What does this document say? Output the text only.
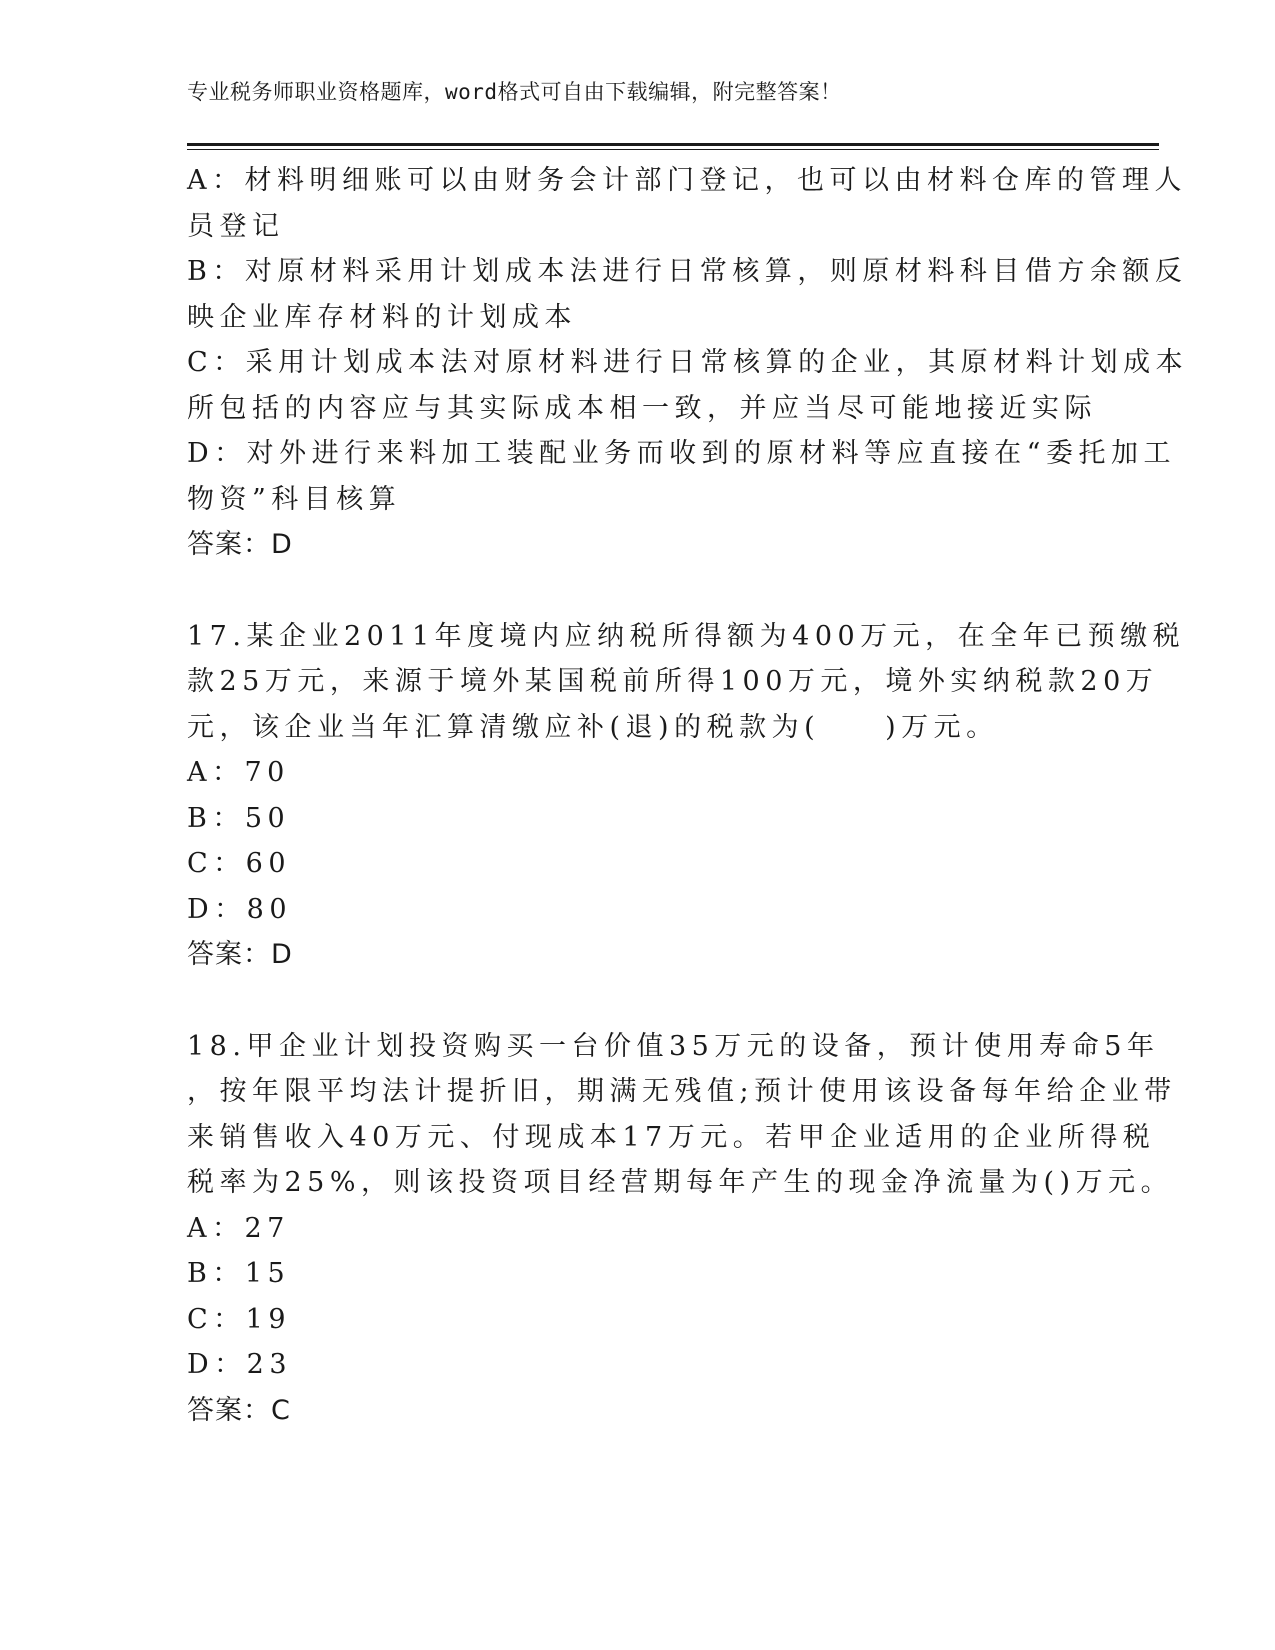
专业税务师职业资格题库，word格式可自由下载编辑，附完整答案！

A：材料明细账可以由财务会计部门登记，也可以由材料仓库的管理人

员登记

B：对原材料采用计划成本法进行日常核算，则原材料科目借方余额反

映企业库存材料的计划成本

C：采用计划成本法对原材料进行日常核算的企业，其原材料计划成本

所包括的内容应与其实际成本相一致，并应当尽可能地接近实际

D：对外进行来料加工装配业务而收到的原材料等应直接在“委托加工

物资”科目核算

答案：D

17.某企业2011年度境内应纳税所得额为400万元，在全年已预缴税

款25万元，来源于境外某国税前所得100万元，境外实纳税款20万

元，该企业当年汇算清缴应补(退)的税款为(　　)万元。

A：70

B：50

C：60

D：80

答案：D

18.甲企业计划投资购买一台价值35万元的设备，预计使用寿命5年

，按年限平均法计提折旧，期满无残值;预计使用该设备每年给企业带

来销售收入40万元、付现成本17万元。若甲企业适用的企业所得税

税率为25%，则该投资项目经营期每年产生的现金净流量为()万元。

A：27

B：15

C：19

D：23

答案：C
